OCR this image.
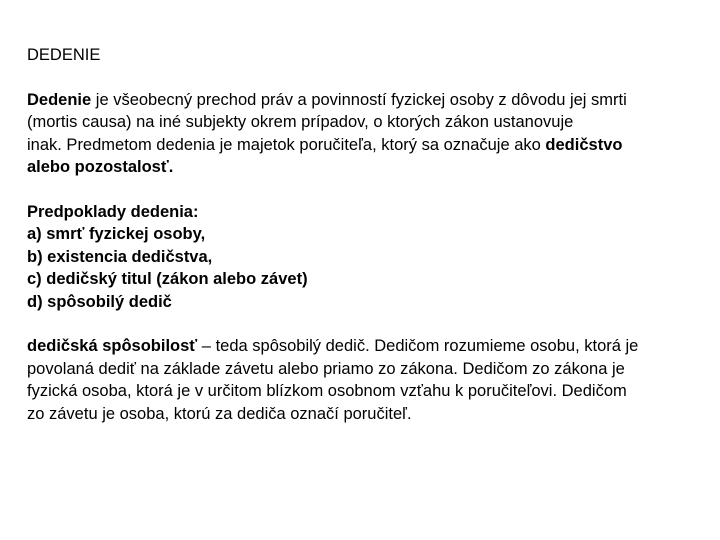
DEDENIE

Dedenie je všeobecný prechod práv a povinností fyzickej osoby z dôvodu jej smrti
(mortis causa) na iné subjekty okrem prípadov, o ktorých zákon ustanovuje
inak. Predmetom dedenia je majetok poručiteľa, ktorý sa označuje ako dedičstvo
alebo pozostalosť.

Predpoklady dedenia:
a) smrť fyzickej osoby,
b) existencia dedičstva,
c) dedičský titul (zákon alebo závet)
d) spôsobilý dedič

dedičská spôsobilosť – teda spôsobilý dedič. Dedičom rozumieme osobu, ktorá je
povolaná dediť na základe závetu alebo priamo zo zákona. Dedičom zo zákona je
fyzická osoba, ktorá je v určitom blízkom osobnom vzťahu k poručiteľovi. Dedičom
zo závetu je osoba, ktorú za dediča označí poručiteľ.
